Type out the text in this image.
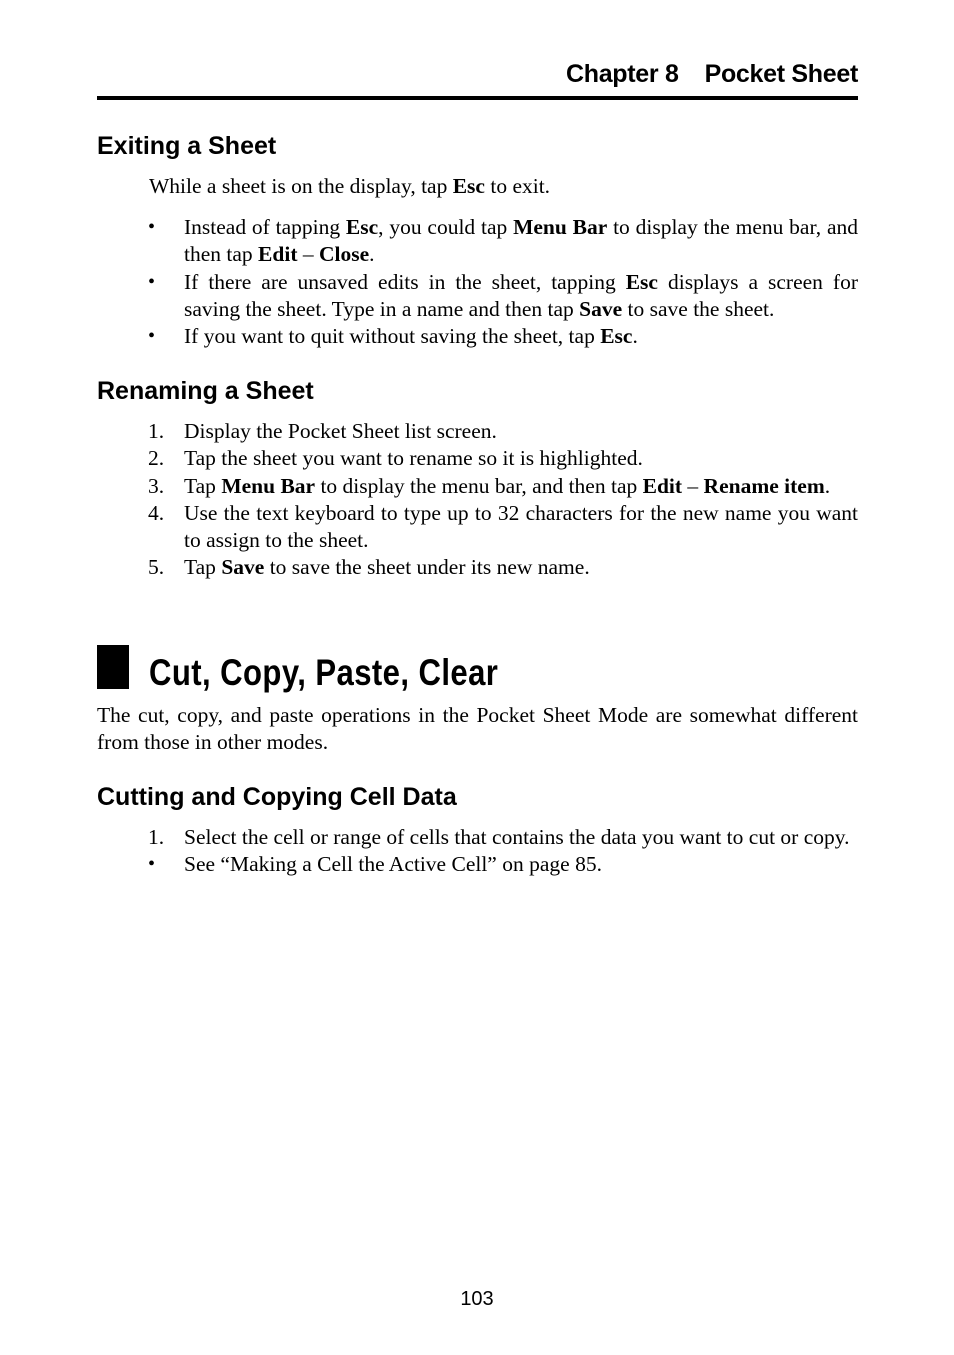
Chapter 8 Pocket Sheet
Exiting a Sheet

While a sheet is on the display, tap Esc to exit.

• Instead of tapping Esc, you could tap Menu Bar to display the menu bar, and then tap Edit – Close.
• If there are unsaved edits in the sheet, tapping Esc displays a screen for saving the sheet. Type in a name and then tap Save to save the sheet.
• If you want to quit without saving the sheet, tap Esc.
Renaming a Sheet
1. Display the Pocket Sheet list screen.
2. Tap the sheet you want to rename so it is highlighted.
3. Tap Menu Bar to display the menu bar, and then tap Edit – Rename item.
4. Use the text keyboard to type up to 32 characters for the new name you want to assign to the sheet.
5. Tap Save to save the sheet under its new name.
Cut, Copy, Paste, Clear

The cut, copy, and paste operations in the Pocket Sheet Mode are somewhat different from those in other modes.

Cutting and Copying Cell Data
1. Select the cell or range of cells that contains the data you want to cut or copy.
• See “Making a Cell the Active Cell” on page 85.
103
